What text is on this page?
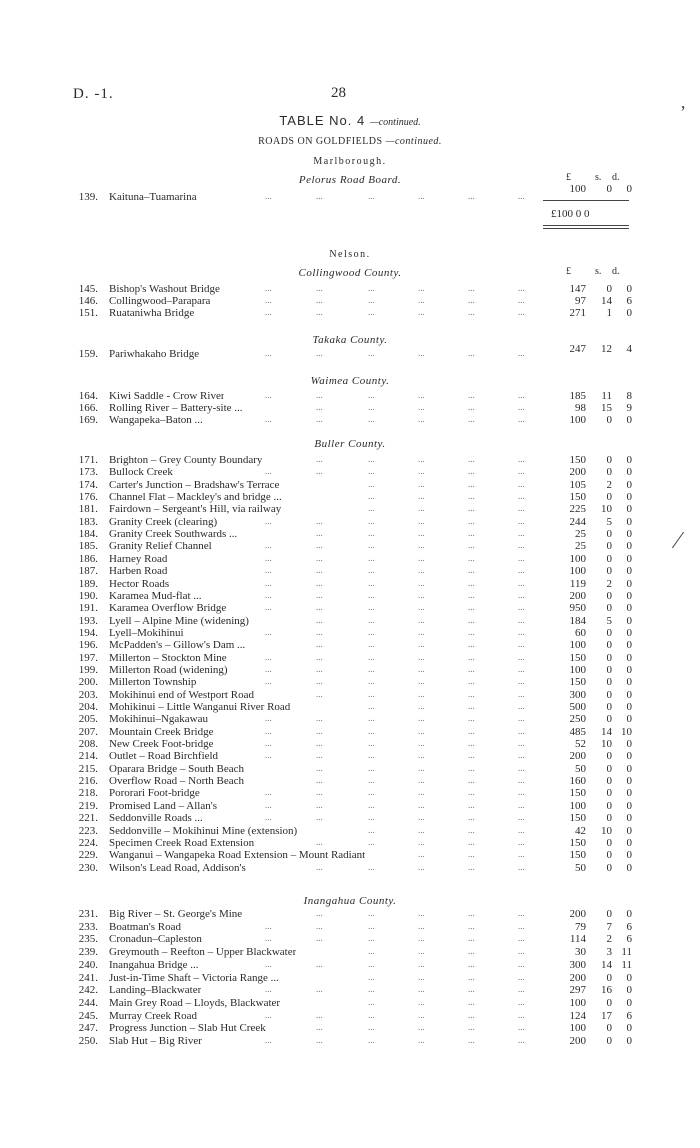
D. -1.	28
TABLE No. 4 —continued.
ROADS ON GOLDFIELDS —continued.
Marlborough.
Pelorus Road Board.	£ s. d.
139. Kaituna–Tuamarina	...	...	...	...	...	...
100 0 0
£100 0 0
Nelson.
Collingwood County.	£ s. d.
145. Bishop's Washout Bridge	...	...	...	...	...	...	147 0 0
146. Collingwood–Parapara	...	...	...	...	...	...	97 14 6
151. Ruataniwha Bridge	...	...	...	...	...	...	271 1 0
Takaka County.
159. Pariwhakaho Bridge	...	...	...	...	...	...	247 12 4
Waimea County.
164. Kiwi Saddle - Crow River	...	...	...	...	...	...	185 11 8
166. Rolling River – Battery-site ...	...	...	...	...	...	98 15 9
169. Wangapeka–Baton ...	...	...	...	...	...	...	100 0 0
Buller County.
171. Brighton – Grey County Boundary	...	...	...	...	...	150 0 0
173. Bullock Creek	...	...	...	...	...	...	200 0 0
174. Carter's Junction – Bradshaw's Terrace	...	...	...	...	105 2 0
176. Channel Flat – Mackley's and bridge ...	...	...	...	...	150 0 0
181. Fairdown – Sergeant's Hill, via railway	...	...	...	...	225 10 0
183. Granity Creek (clearing)	...	...	...	...	...	...	244 5 0
184. Granity Creek Southwards ...	...	...	...	...	...	25 0 0
185. Granity Relief Channel	...	...	...	...	...	...	25 0 0
186. Harney Road	...	...	...	...	...	...	100 0 0
187. Harben Road	...	...	...	...	...	...	100 0 0
189. Hector Roads	...	...	...	...	...	...	119 2 0
190. Karamea Mud-flat ...	...	...	...	...	...	...	200 0 0
191. Karamea Overflow Bridge	...	...	...	...	...	...	950 0 0
193. Lyell – Alpine Mine (widening)	...	...	...	...	...	184 5 0
194. Lyell–Mokihinui	...	...	...	...	...	...	60 0 0
196. McPadden's – Gillow's Dam ...	...	...	...	...	...	100 0 0
197. Millerton – Stockton Mine	...	...	...	...	...	...	150 0 0
199. Millerton Road (widening)	...	...	...	...	...	...	100 0 0
200. Millerton Township	...	...	...	...	...	...	150 0 0
203. Mokihinui end of Westport Road	...	...	...	...	...	300 0 0
204. Mohikinui – Little Wanganui River Road	...	...	...	...	500 0 0
205. Mokihinui–Ngakawau	...	...	...	...	...	...	250 0 0
207. Mountain Creek Bridge	...	...	...	...	...	...	485 14 10
208. New Creek Foot-bridge	...	...	...	...	...	...	52 10 0
214. Outlet – Road Birchfield	...	...	...	...	...	...	200 0 0
215. Oparara Bridge – South Beach	...	...	...	...	...	50 0 0
216. Overflow Road – North Beach	...	...	...	...	...	160 0 0
218. Pororari Foot-bridge	...	...	...	...	...	...	150 0 0
219. Promised Land – Allan's	...	...	...	...	...	...	100 0 0
221. Seddonville Roads ...	...	...	...	...	...	...	150 0 0
223. Seddonville – Mokihinui Mine (extension)	...	...	...	...	42 10 0
224. Specimen Creek Road Extension	...	...	...	...	...	150 0 0
229. Wanganui – Wangapeka Road Extension – Mount Radiant	...	...	...	150 0 0
230. Wilson's Lead Road, Addison's	...	...	...	...	...	50 0 0
Inangahua County.
231. Big River – St. George's Mine	...	...	...	...	...	200 0 0
233. Boatman's Road	...	...	...	...	...	...	79 7 6
235. Cronadun–Capleston	...	...	...	...	...	...	114 2 6
239. Greymouth – Reefton – Upper Blackwater	...	...	...	...	30 3 11
240. Inangahua Bridge ...	...	...	...	...	...	...	300 14 11
241. Just-in-Time Shaft – Victoria Range ...	...	...	...	...	200 0 0
242. Landing–Blackwater	...	...	...	...	...	...	297 16 0
244. Main Grey Road – Lloyds, Blackwater	...	...	...	...	100 0 0
245. Murray Creek Road	...	...	...	...	...	...	124 17 6
247. Progress Junction – Slab Hut Creek	...	...	...	...	...	100 0 0
250. Slab Hut – Big River	...	...	...	...	...	...	200 0 0
‚
⁄
